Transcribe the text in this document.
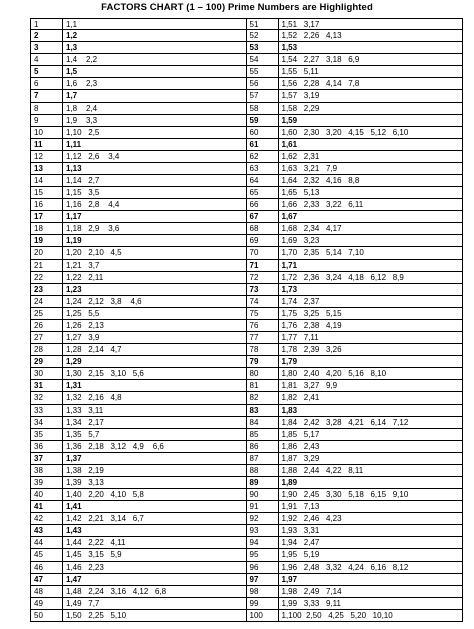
FACTORS CHART (1 – 100) Prime Numbers are Highlighted
1	1,1
2	1,2
3	1,3
4	1,4    2,2
5	1,5
6	1,6    2,3
7	1,7
8	1,8    2,4
9	1,9    3,3
10	1,10   2,5
11	1,11
12	1,12   2,6    3,4
13	1,13
14	1,14   2,7
15	1,15   3,5
16	1,16   2,8    4,4
17	1,17
18	1,18   2,9    3,6
19	1,19
20	1,20   2,10   4,5
21	1,21   3,7
22	1,22   2,11
23	1,23
24	1,24   2,12   3,8    4,6
25	1,25   5,5
26	1,26   2,13
27	1,27   3,9
28	1,28   2,14   4,7
29	1,29
30	1,30   2,15   3,10   5,6
31	1,31
32	1,32   2,16   4,8
33	1,33   3,11
34	1,34   2,17
35	1,35   5,7
36	1,36   2,18   3,12   4,9    6,6
37	1,37
38	1,38   2,19
39	1,39   3,13
40	1,40   2,20   4,10   5,8
41	1,41
42	1,42   2,21   3,14   6,7
43	1,43
44	1,44   2,22   4,11
45	1,45   3,15   5,9
46	1,46   2,23
47	1,47
48	1,48   2,24   3,16   4,12   6,8
49	1,49   7,7
50	1,50   2,25   5,10
51	1,51   3,17
52	1,52   2,26   4,13
53	1,53
54	1,54   2,27   3,18   6,9
55	1,55   5,11
56	1,56   2,28   4,14   7,8
57	1,57   3,19
58	1,58   2,29
59	1,59
60	1,60   2,30   3,20   4,15   5,12   6,10
61	1,61
62	1,62   2,31
63	1,63   3,21   7,9
64	1,64   2,32   4,16   8,8
65	1,65   5,13
66	1,66   2,33   3,22   6,11
67	1,67
68	1,68   2,34   4,17
69	1,69   3,23
70	1,70   2,35   5,14   7,10
71	1,71
72	1,72   2,36   3,24   4,18   6,12   8,9
73	1,73
74	1,74   2,37
75	1,75   3,25   5,15
76	1,76   2,38   4,19
77	1,77   7,11
78	1,78   2,39   3,26
79	1,79
80	1,80   2,40   4,20   5,16   8,10
81	1,81   3,27   9,9
82	1,82   2,41
83	1,83
84	1,84   2,42   3,28   4,21   6,14   7,12
85	1,85   5,17
86	1,86   2,43
87	1,87   3,29
88	1,88   2,44   4,22   8,11
89	1,89
90	1,90   2,45   3,30   5,18   6,15   9,10
91	1,91   7,13
92	1,92   2,46   4,23
93	1,93   3,31
94	1,94   2,47
95	1,95   5,19
96	1,96   2,48   3,32   4,24   6,16   8,12
97	1,97
98	1,98   2,49   7,14
99	1,99   3,33   9,11
100	1,100  2,50   4,25   5,20   10,10
